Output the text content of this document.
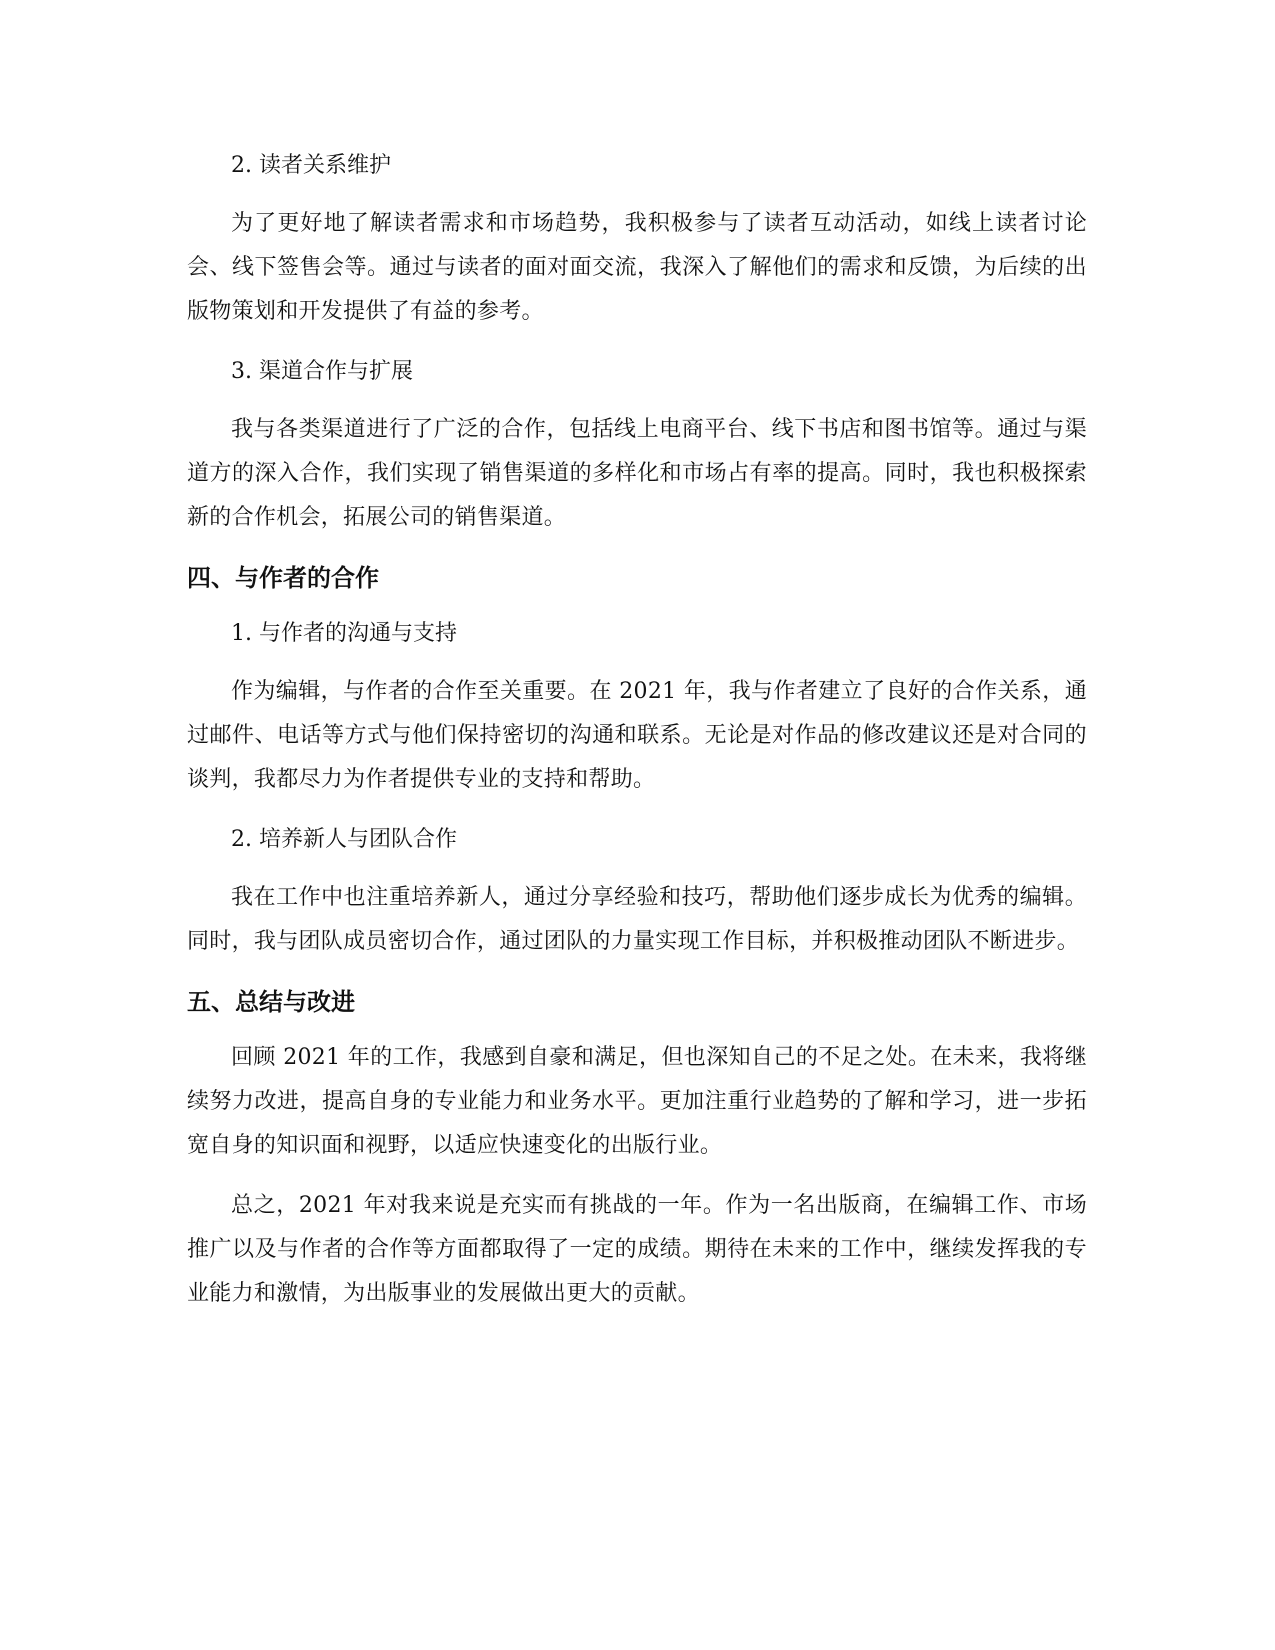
2. 读者关系维护

为了更好地了解读者需求和市场趋势，我积极参与了读者互动活动，如线上读者讨论会、线下签售会等。通过与读者的面对面交流，我深入了解他们的需求和反馈，为后续的出版物策划和开发提供了有益的参考。

3. 渠道合作与扩展

我与各类渠道进行了广泛的合作，包括线上电商平台、线下书店和图书馆等。通过与渠道方的深入合作，我们实现了销售渠道的多样化和市场占有率的提高。同时，我也积极探索新的合作机会，拓展公司的销售渠道。

四、与作者的合作

1. 与作者的沟通与支持

作为编辑，与作者的合作至关重要。在 2021 年，我与作者建立了良好的合作关系，通过邮件、电话等方式与他们保持密切的沟通和联系。无论是对作品的修改建议还是对合同的谈判，我都尽力为作者提供专业的支持和帮助。

2. 培养新人与团队合作

我在工作中也注重培养新人，通过分享经验和技巧，帮助他们逐步成长为优秀的编辑。同时，我与团队成员密切合作，通过团队的力量实现工作目标，并积极推动团队不断进步。

五、总结与改进

回顾 2021 年的工作，我感到自豪和满足，但也深知自己的不足之处。在未来，我将继续努力改进，提高自身的专业能力和业务水平。更加注重行业趋势的了解和学习，进一步拓宽自身的知识面和视野，以适应快速变化的出版行业。

总之，2021 年对我来说是充实而有挑战的一年。作为一名出版商，在编辑工作、市场推广以及与作者的合作等方面都取得了一定的成绩。期待在未来的工作中，继续发挥我的专业能力和激情，为出版事业的发展做出更大的贡献。
